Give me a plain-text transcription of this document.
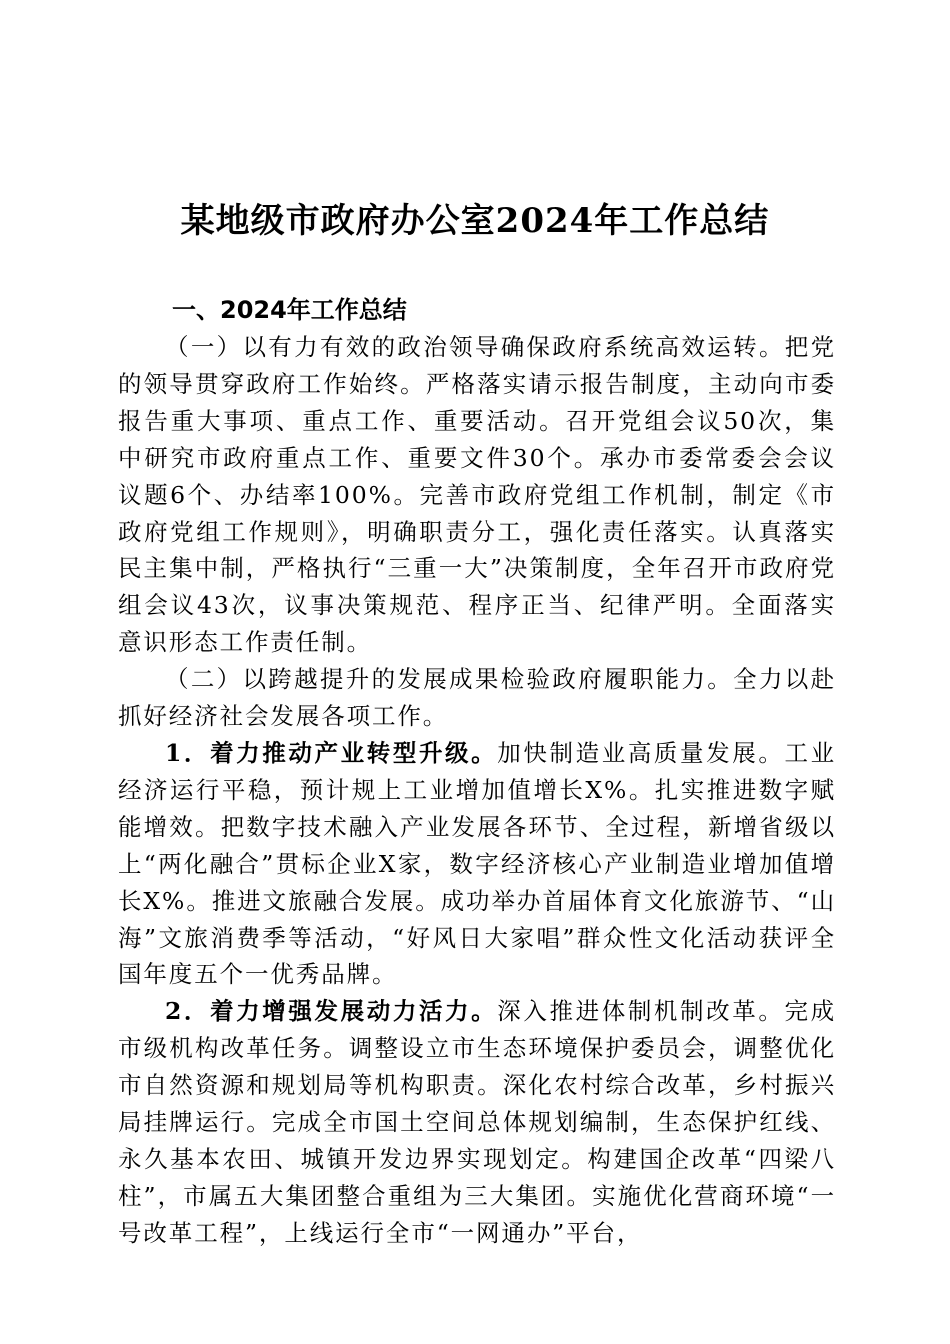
某地级市政府办公室2024年工作总结
一、2024年工作总结

（一）以有力有效的政治领导确保政府系统高效运转。把党的领导贯穿政府工作始终。严格落实请示报告制度，主动向市委报告重大事项、重点工作、重要活动。召开党组会议50次，集中研究市政府重点工作、重要文件30个。承办市委常委会会议议题6个、办结率100%。完善市政府党组工作机制，制定《市政府党组工作规则》，明确职责分工，强化责任落实。认真落实民主集中制，严格执行“三重一大”决策制度，全年召开市政府党组会议43次，议事决策规范、程序正当、纪律严明。全面落实意识形态工作责任制。

（二）以跨越提升的发展成果检验政府履职能力。全力以赴抓好经济社会发展各项工作。

1．着力推动产业转型升级。加快制造业高质量发展。工业经济运行平稳，预计规上工业增加值增长X%。扎实推进数字赋能增效。把数字技术融入产业发展各环节、全过程，新增省级以上“两化融合”贯标企业X家，数字经济核心产业制造业增加值增长X%。推进文旅融合发展。成功举办首届体育文化旅游节、“山海”文旅消费季等活动，“好风日大家唱”群众性文化活动获评全国年度五个一优秀品牌。

2．着力增强发展动力活力。深入推进体制机制改革。完成市级机构改革任务。调整设立市生态环境保护委员会，调整优化市自然资源和规划局等机构职责。深化农村综合改革，乡村振兴局挂牌运行。完成全市国土空间总体规划编制，生态保护红线、永久基本农田、城镇开发边界实现划定。构建国企改革“四梁八柱”，市属五大集团整合重组为三大集团。实施优化营商环境“一号改革工程”，上线运行全市“一网通办”平台，
